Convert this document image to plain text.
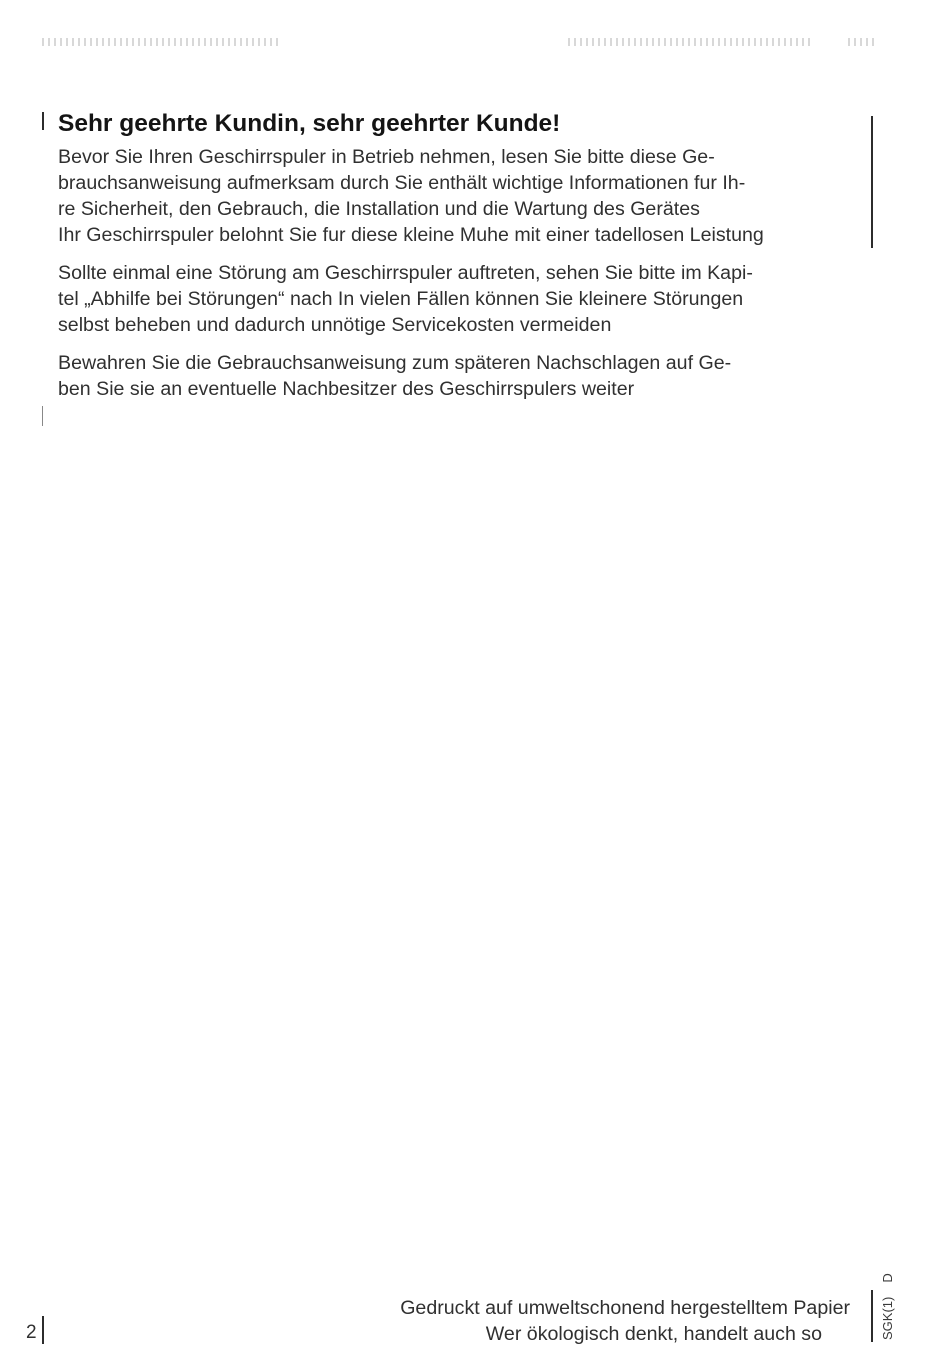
Sehr geehrte Kundin, sehr geehrter Kunde!

Bevor Sie Ihren Geschirrspuler in Betrieb nehmen, lesen Sie bitte diese Ge-
brauchsanweisung aufmerksam durch Sie enthält wichtige Informationen fur Ih-
re Sicherheit, den Gebrauch, die Installation und die Wartung des Gerätes
Ihr Geschirrspuler belohnt Sie fur diese kleine Muhe mit einer tadellosen Leistung

Sollte einmal eine Störung am Geschirrspuler auftreten, sehen Sie bitte im Kapi-
tel „Abhilfe bei Störungen“ nach In vielen Fällen können Sie kleinere Störungen
selbst beheben und dadurch unnötige Servicekosten vermeiden

Bewahren Sie die Gebrauchsanweisung zum späteren Nachschlagen auf Ge-
ben Sie sie an eventuelle Nachbesitzer des Geschirrspulers weiter

Gedruckt auf umweltschonend hergestelltem Papier
Wer ökologisch denkt, handelt auch so
2	SGK(1)D
